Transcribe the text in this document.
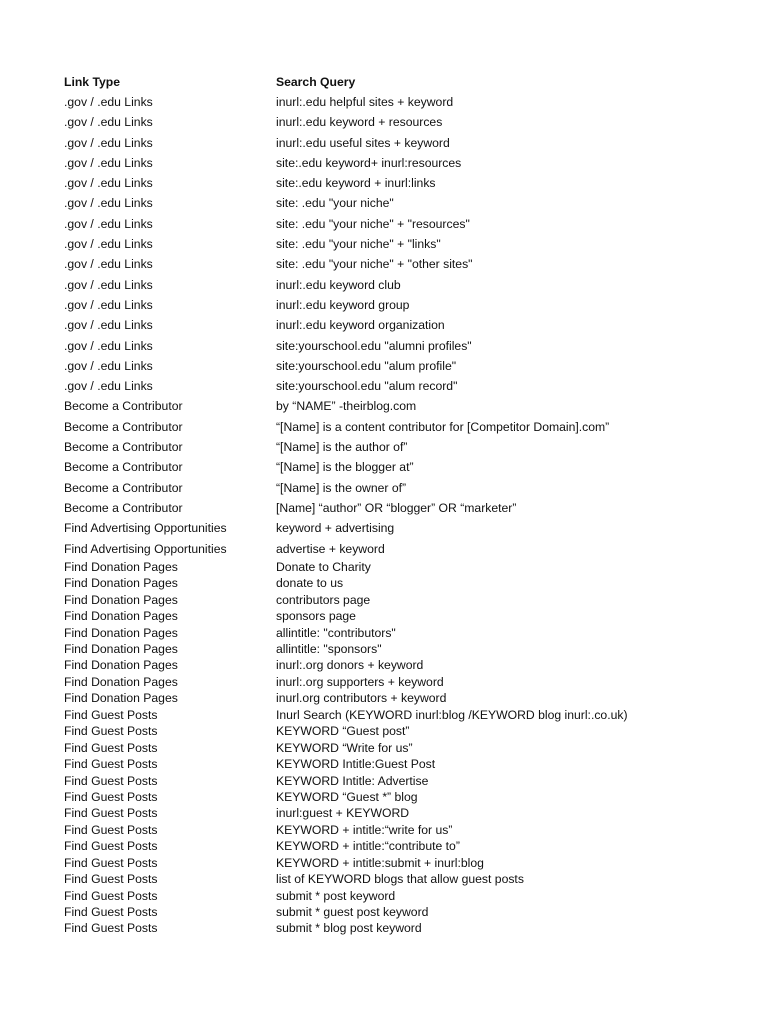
Link Type	Search Query
.gov / .edu Links	inurl:.edu helpful sites + keyword
.gov / .edu Links	inurl:.edu keyword + resources
.gov / .edu Links	inurl:.edu useful sites + keyword
.gov / .edu Links	site:.edu keyword+ inurl:resources
.gov / .edu Links	site:.edu keyword + inurl:links
.gov / .edu Links	site: .edu "your niche"
.gov / .edu Links	site: .edu "your niche" + "resources"
.gov / .edu Links	site: .edu "your niche" + "links"
.gov / .edu Links	site: .edu "your niche" + "other sites"
.gov / .edu Links	inurl:.edu keyword club
.gov / .edu Links	inurl:.edu keyword group
.gov / .edu Links	inurl:.edu keyword organization
.gov / .edu Links	site:yourschool.edu "alumni profiles"
.gov / .edu Links	site:yourschool.edu "alum profile"
.gov / .edu Links	site:yourschool.edu "alum record"
Become a Contributor	by “NAME” -theirblog.com
Become a Contributor	“[Name] is a content contributor for [Competitor Domain].com”
Become a Contributor	“[Name] is the author of”
Become a Contributor	“[Name] is the blogger at”
Become a Contributor	“[Name] is the owner of”
Become a Contributor	[Name] “author” OR “blogger” OR “marketer”
Find Advertising Opportunities	keyword + advertising
Find Advertising Opportunities	advertise + keyword
Find Donation Pages	Donate to Charity
Find Donation Pages	donate to us
Find Donation Pages	contributors page
Find Donation Pages	sponsors page
Find Donation Pages	allintitle: "contributors"
Find Donation Pages	allintitle: "sponsors"
Find Donation Pages	inurl:.org donors + keyword
Find Donation Pages	inurl:.org supporters + keyword
Find Donation Pages	inurl.org contributors + keyword
Find Guest Posts	Inurl Search (KEYWORD inurl:blog /KEYWORD blog inurl:.co.uk)
Find Guest Posts	KEYWORD “Guest post”
Find Guest Posts	KEYWORD “Write for us”
Find Guest Posts	KEYWORD Intitle:Guest Post
Find Guest Posts	KEYWORD Intitle: Advertise
Find Guest Posts	KEYWORD “Guest *” blog
Find Guest Posts	inurl:guest + KEYWORD
Find Guest Posts	KEYWORD + intitle:“write for us”
Find Guest Posts	KEYWORD + intitle:“contribute to”
Find Guest Posts	KEYWORD + intitle:submit + inurl:blog
Find Guest Posts	list of KEYWORD blogs that allow guest posts
Find Guest Posts	submit * post keyword
Find Guest Posts	submit * guest post keyword
Find Guest Posts	submit * blog post keyword
